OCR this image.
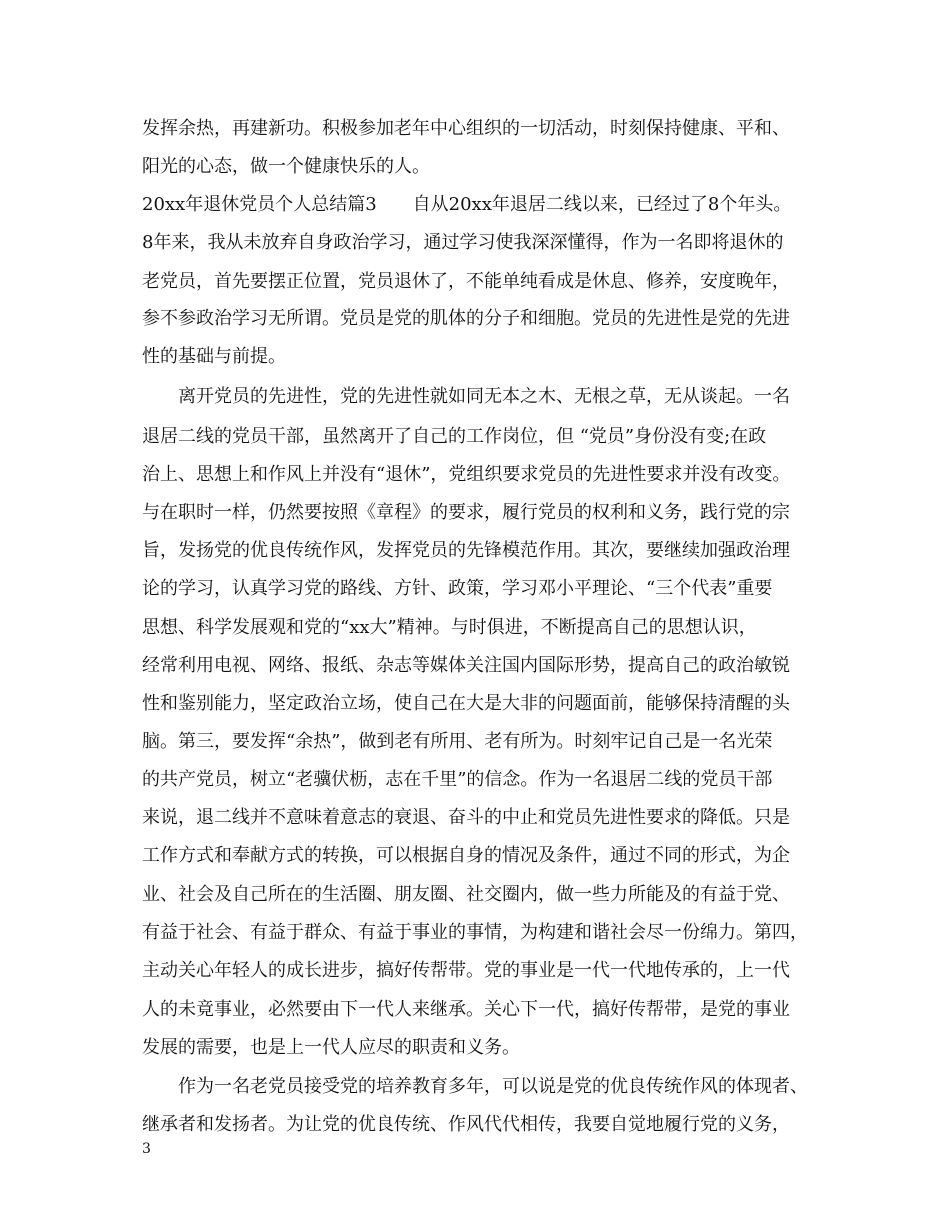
发挥余热，再建新功。积极参加老年中心组织的一切活动，时刻保持健康、平和、
阳光的心态，做一个健康快乐的人。
20xx年退休党员个人总结篇3　　自从20xx年退居二线以来，已经过了8个年头。
8年来，我从未放弃自身政治学习，通过学习使我深深懂得，作为一名即将退休的
老党员，首先要摆正位置，党员退休了，不能单纯看成是休息、修养，安度晚年，
参不参政治学习无所谓。党员是党的肌体的分子和细胞。党员的先进性是党的先进
性的基础与前提。
离开党员的先进性，党的先进性就如同无本之木、无根之草，无从谈起。一名
退居二线的党员干部，虽然离开了自己的工作岗位，但 “党员”身份没有变;在政
治上、思想上和作风上并没有“退休”，党组织要求党员的先进性要求并没有改变。
与在职时一样，仍然要按照《章程》的要求，履行党员的权利和义务，践行党的宗
旨，发扬党的优良传统作风，发挥党员的先锋模范作用。其次，要继续加强政治理
论的学习，认真学习党的路线、方针、政策，学习邓小平理论、“三个代表”重要
思想、科学发展观和党的“xx大”精神。与时俱进，不断提高自己的思想认识，
经常利用电视、网络、报纸、杂志等媒体关注国内国际形势，提高自己的政治敏锐
性和鉴别能力，坚定政治立场，使自己在大是大非的问题面前，能够保持清醒的头
脑。第三，要发挥“余热”，做到老有所用、老有所为。时刻牢记自己是一名光荣
的共产党员，树立“老骥伏枥，志在千里”的信念。作为一名退居二线的党员干部
来说，退二线并不意味着意志的衰退、奋斗的中止和党员先进性要求的降低。只是
工作方式和奉献方式的转换，可以根据自身的情况及条件，通过不同的形式，为企
业、社会及自己所在的生活圈、朋友圈、社交圈内，做一些力所能及的有益于党、
有益于社会、有益于群众、有益于事业的事情，为构建和谐社会尽一份绵力。第四，
主动关心年轻人的成长进步，搞好传帮带。党的事业是一代一代地传承的，上一代
人的未竟事业，必然要由下一代人来继承。关心下一代，搞好传帮带，是党的事业
发展的需要，也是上一代人应尽的职责和义务。
作为一名老党员接受党的培养教育多年，可以说是党的优良传统作风的体现者、
继承者和发扬者。为让党的优良传统、作风代代相传，我要自觉地履行党的义务，
3
